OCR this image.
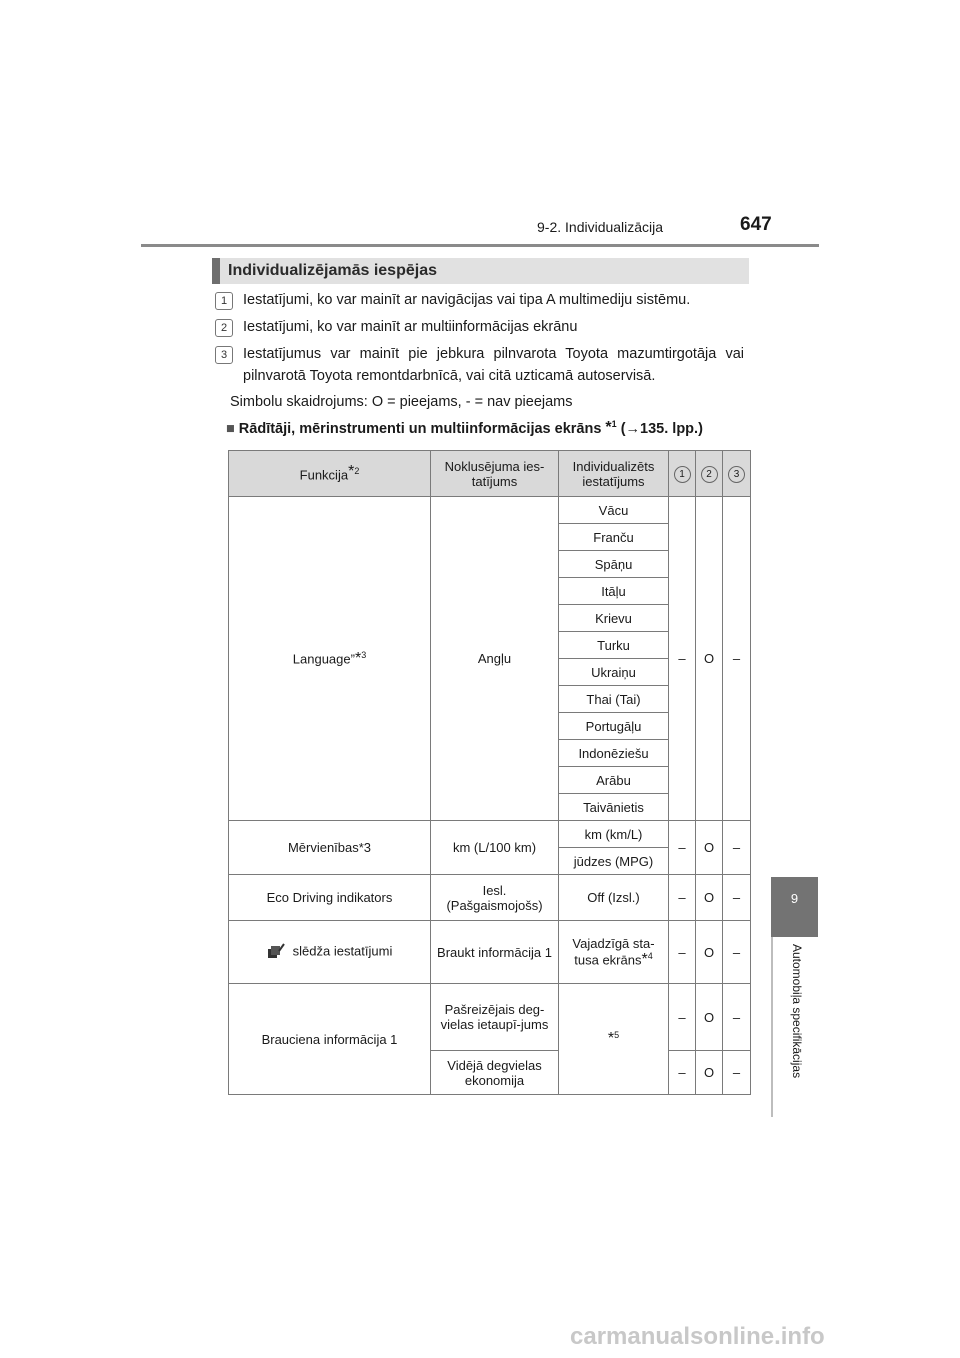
9-2. Individualizācija	647
9
Automobiļa specifikācijas
Individualizējamās iespējas
1	Iestatījumi, ko var mainīt ar navigācijas vai tipa A multimediju sistēmu.
2	Iestatījumi, ko var mainīt ar multiinformācijas ekrānu
3	Iestatījumus var mainīt pie jebkura pilnvarota Toyota mazumtirgotāja vai pilnvarotā Toyota remontdarbnīcā, vai citā uzticamā autoservisā.
Simbolu skaidrojums: O = pieejams, - = nav pieejams
■ Rādītāji, mērinstrumenti un multiinformācijas ekrāns *$^1$ (→135. lpp.)
Funkcija*$^2$	Noklusējuma ies-tatījums	Individualizēts iestatījums	1	2	3
Language”*$^3$	Angļu	Vācu	–	O	–
		Franču			
		Spāņu			
		Itāļu			
		Krievu			
		Turku			
		Ukraiņu			
		Thai (Tai)			
		Portugāļu			
		Indonēziešu			
		Arābu			
		Taivānietis			
Mērvienības*3	km (L/100 km)	km (km/L)	–	O	–
		jūdzes (MPG)			
Eco Driving indikators	Iesl. (Pašgaismojošs)	Off (Izsl.)	–	O	–
slēdža iestatījumi	Braukt informācija 1	Vajadzīgā sta-tusa ekrāns*$^4$	–	O	–
Brauciena informācija 1	Pašreizējais deg-vielas ietaupī-jums	*$^5$	–	O	–
	Vidējā degvielas ekonomija		–	O	–
carmanualsonline.info
